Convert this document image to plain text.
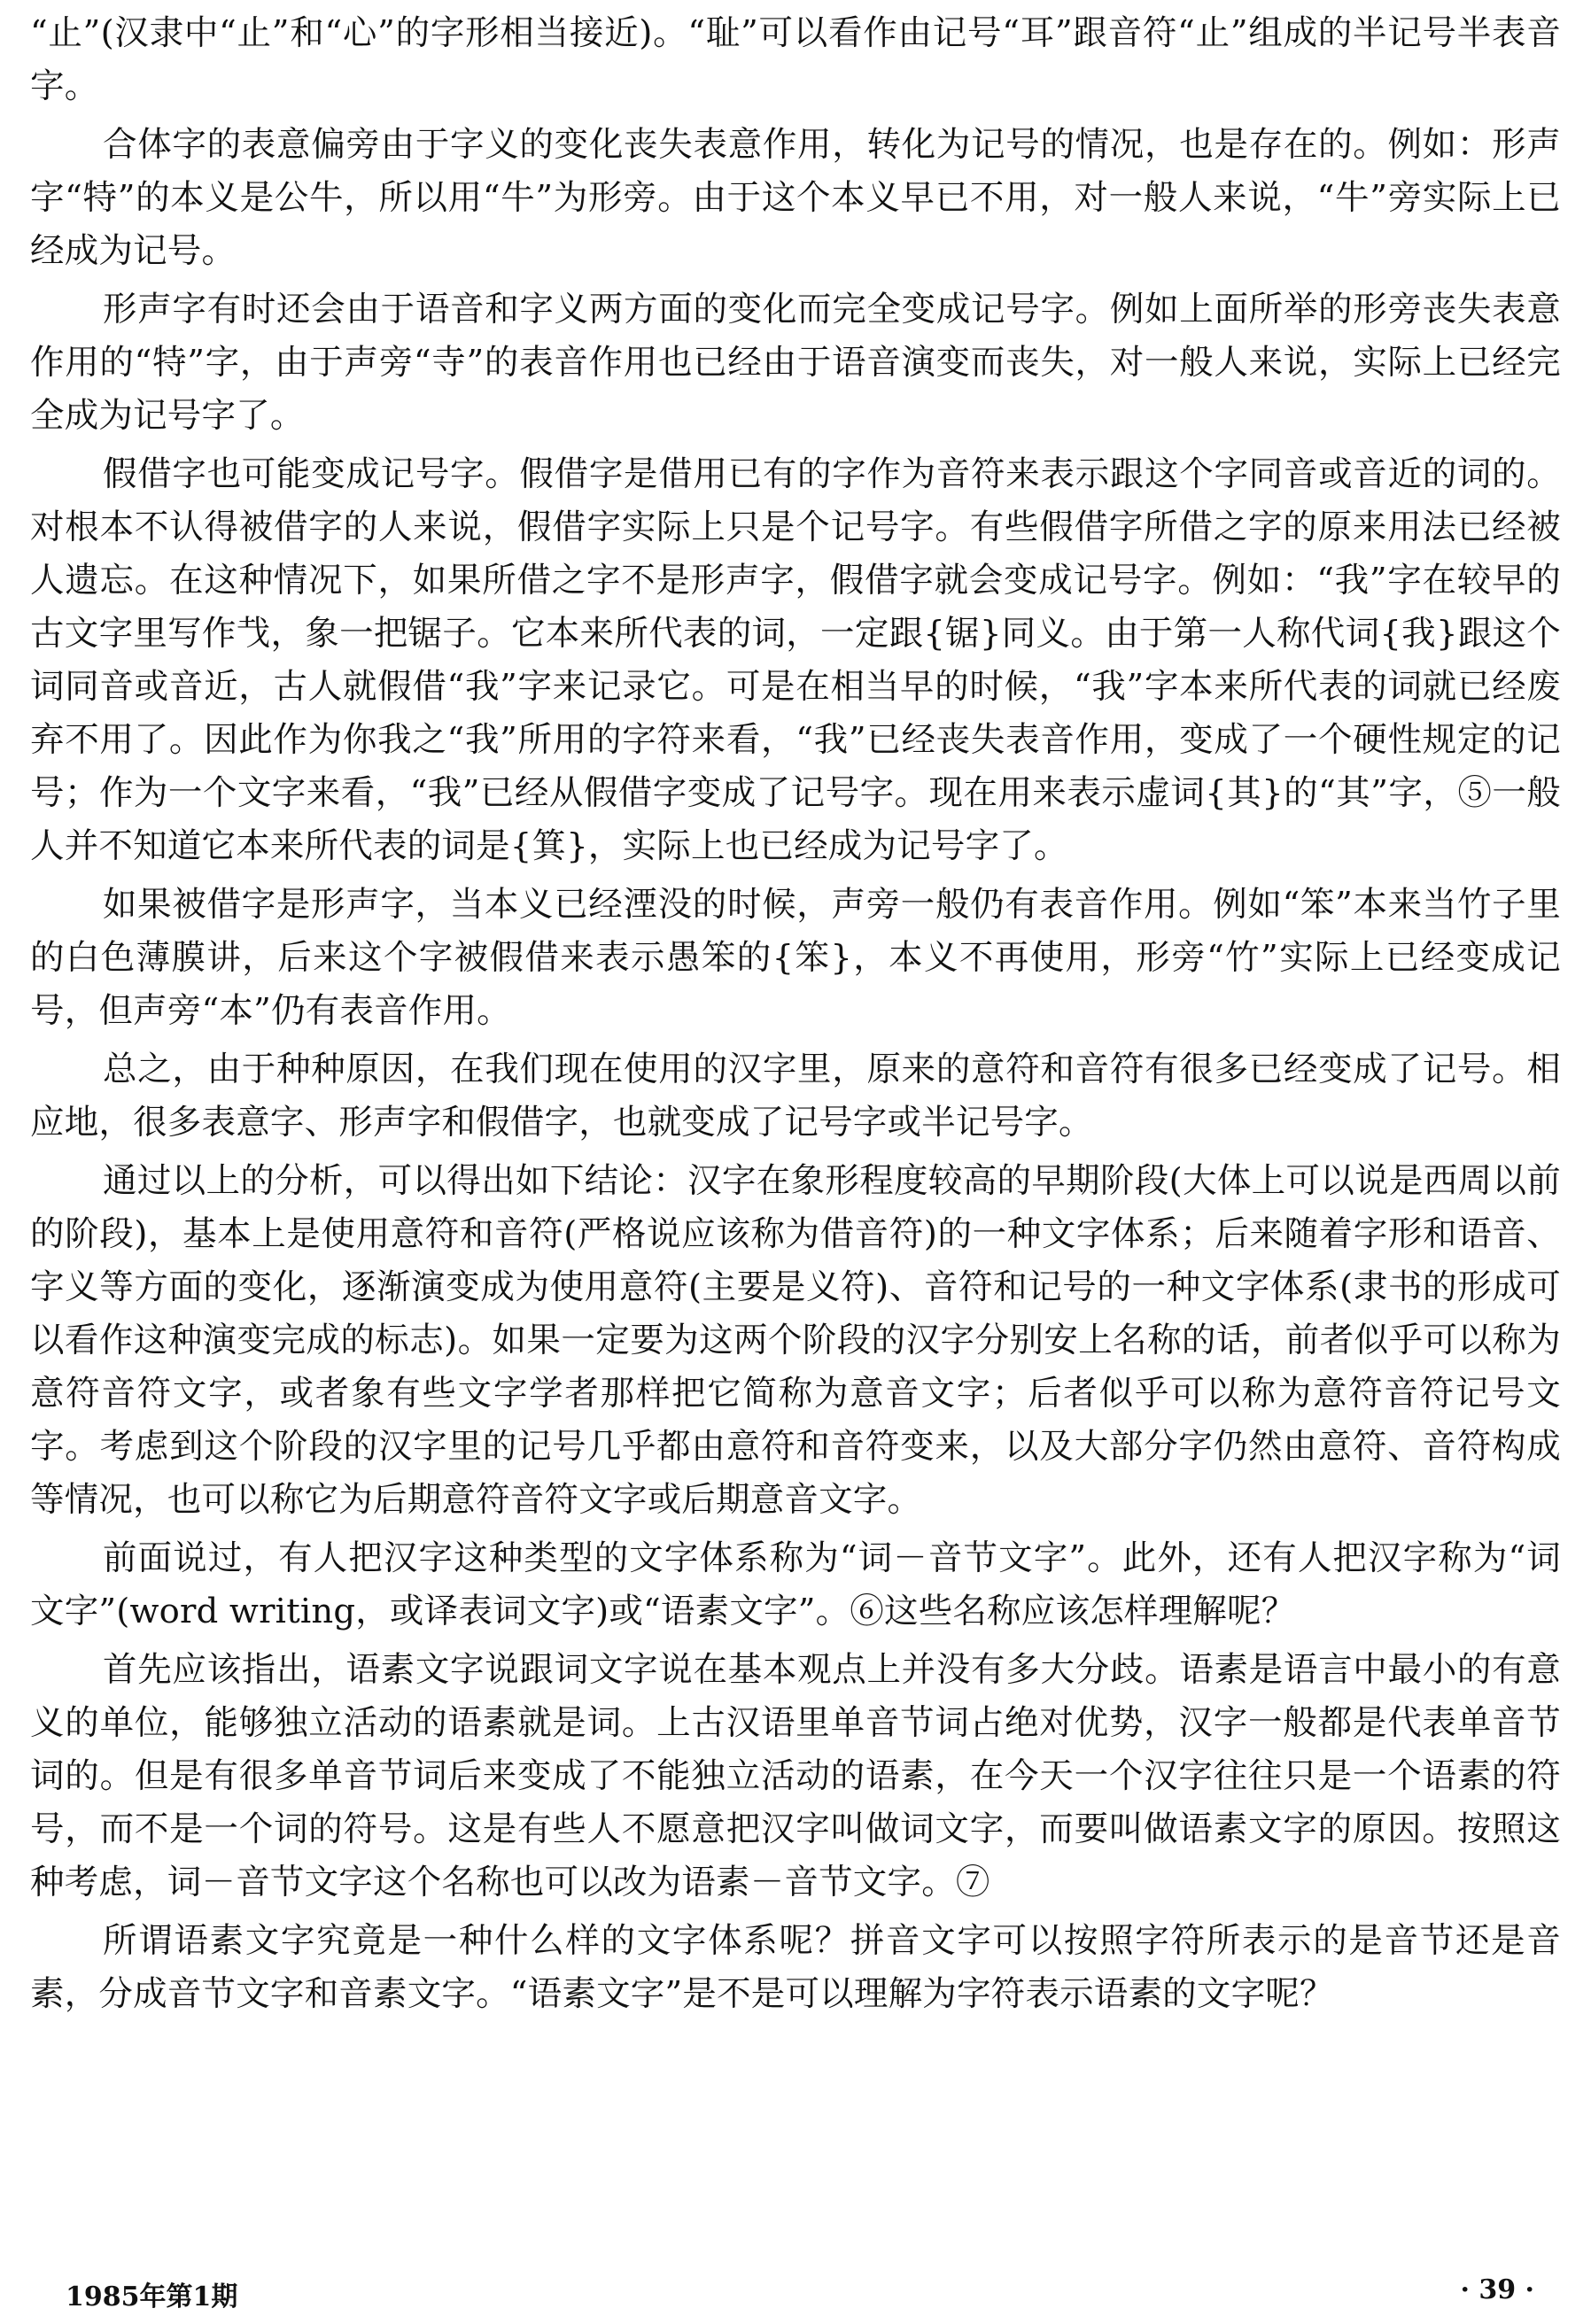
“止”(汉隶中“止”和“心”的字形相当接近)。“耻”可以看作由记号“耳”跟音符“止”组成的半记号半表音字。

合体字的表意偏旁由于字义的变化丧失表意作用，转化为记号的情况，也是存在的。例如：形声字“特”的本义是公牛，所以用“牛”为形旁。由于这个本义早已不用，对一般人来说，“牛”旁实际上已经成为记号。

形声字有时还会由于语音和字义两方面的变化而完全变成记号字。例如上面所举的形旁丧失表意作用的“特”字，由于声旁“寺”的表音作用也已经由于语音演变而丧失，对一般人来说，实际上已经完全成为记号字了。

假借字也可能变成记号字。假借字是借用已有的字作为音符来表示跟这个字同音或音近的词的。对根本不认得被借字的人来说，假借字实际上只是个记号字。有些假借字所借之字的原来用法已经被人遗忘。在这种情况下，如果所借之字不是形声字，假借字就会变成记号字。例如：“我”字在较早的古文字里写作𢦏，象一把锯子。它本来所代表的词，一定跟{锯}同义。由于第一人称代词{我}跟这个词同音或音近，古人就假借“我”字来记录它。可是在相当早的时候，“我”字本来所代表的词就已经废弃不用了。因此作为你我之“我”所用的字符来看，“我”已经丧失表音作用，变成了一个硬性规定的记号；作为一个文字来看，“我”已经从假借字变成了记号字。现在用来表示虚词{其}的“其”字，⑤一般人并不知道它本来所代表的词是{箕}，实际上也已经成为记号字了。

如果被借字是形声字，当本义已经湮没的时候，声旁一般仍有表音作用。例如“笨”本来当竹子里的白色薄膜讲，后来这个字被假借来表示愚笨的{笨}，本义不再使用，形旁“竹”实际上已经变成记号，但声旁“本”仍有表音作用。

总之，由于种种原因，在我们现在使用的汉字里，原来的意符和音符有很多已经变成了记号。相应地，很多表意字、形声字和假借字，也就变成了记号字或半记号字。

通过以上的分析，可以得出如下结论：汉字在象形程度较高的早期阶段(大体上可以说是西周以前的阶段)，基本上是使用意符和音符(严格说应该称为借音符)的一种文字体系；后来随着字形和语音、字义等方面的变化，逐渐演变成为使用意符(主要是义符)、音符和记号的一种文字体系(隶书的形成可以看作这种演变完成的标志)。如果一定要为这两个阶段的汉字分别安上名称的话，前者似乎可以称为意符音符文字，或者象有些文字学者那样把它简称为意音文字；后者似乎可以称为意符音符记号文字。考虑到这个阶段的汉字里的记号几乎都由意符和音符变来，以及大部分字仍然由意符、音符构成等情况，也可以称它为后期意符音符文字或后期意音文字。

前面说过，有人把汉字这种类型的文字体系称为“词－音节文字”。此外，还有人把汉字称为“词文字”(word writing，或译表词文字)或“语素文字”。⑥这些名称应该怎样理解呢？

首先应该指出，语素文字说跟词文字说在基本观点上并没有多大分歧。语素是语言中最小的有意义的单位，能够独立活动的语素就是词。上古汉语里单音节词占绝对优势，汉字一般都是代表单音节词的。但是有很多单音节词后来变成了不能独立活动的语素，在今天一个汉字往往只是一个语素的符号，而不是一个词的符号。这是有些人不愿意把汉字叫做词文字，而要叫做语素文字的原因。按照这种考虑，词－音节文字这个名称也可以改为语素－音节文字。⑦

所谓语素文字究竟是一种什么样的文字体系呢？拼音文字可以按照字符所表示的是音节还是音素，分成音节文字和音素文字。“语素文字”是不是可以理解为字符表示语素的文字呢？

1985年第1期	· 39 ·
